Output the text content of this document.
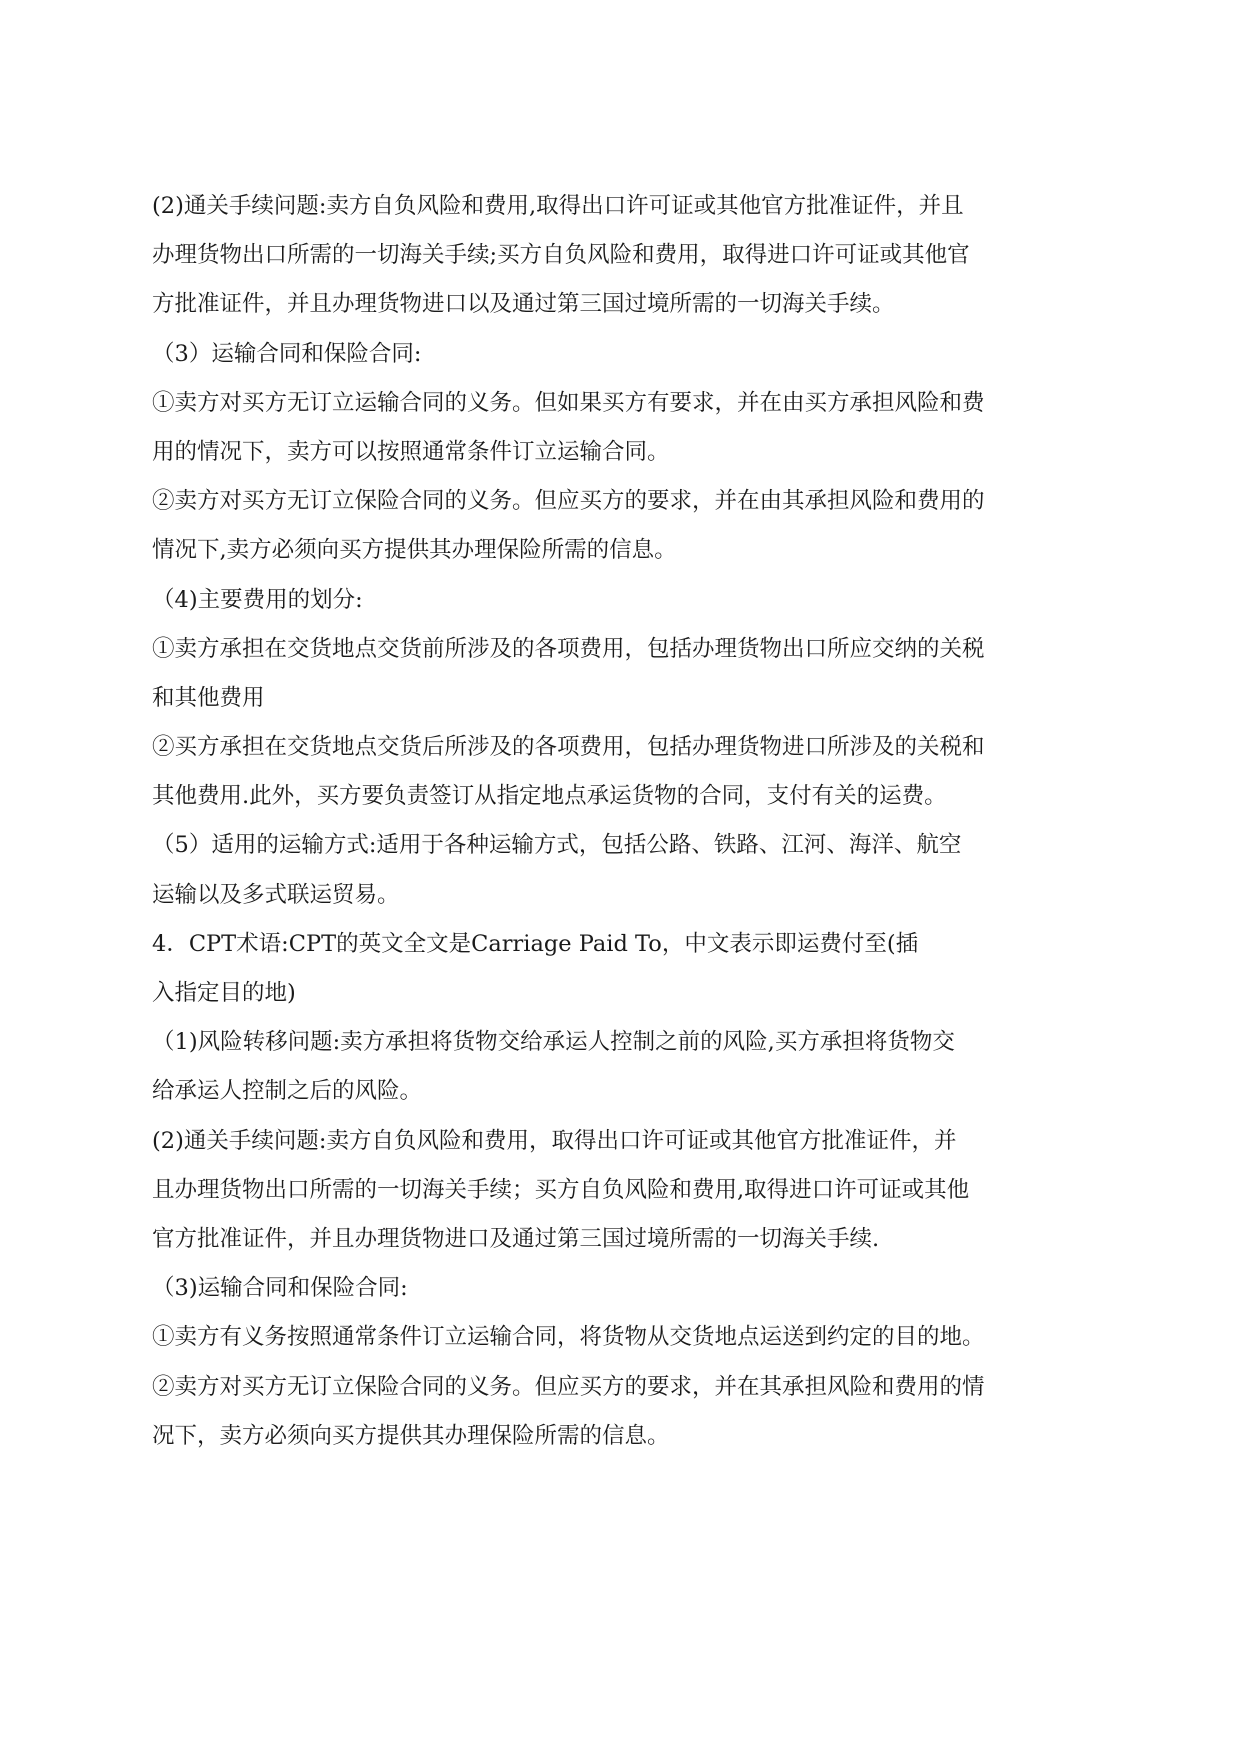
(2)通关手续问题:卖方自负风险和费用,取得出口许可证或其他官方批准证件，并且
办理货物出口所需的一切海关手续;买方自负风险和费用，取得进口许可证或其他官
方批准证件，并且办理货物进口以及通过第三国过境所需的一切海关手续。
（3）运输合同和保险合同:
①卖方对买方无订立运输合同的义务。但如果买方有要求，并在由买方承担风险和费
用的情况下，卖方可以按照通常条件订立运输合同。
②卖方对买方无订立保险合同的义务。但应买方的要求，并在由其承担风险和费用的
情况下,卖方必须向买方提供其办理保险所需的信息。
（4)主要费用的划分:
①卖方承担在交货地点交货前所涉及的各项费用，包括办理货物出口所应交纳的关税
和其他费用
②买方承担在交货地点交货后所涉及的各项费用，包括办理货物进口所涉及的关税和
其他费用.此外，买方要负责签订从指定地点承运货物的合同，支付有关的运费。
（5）适用的运输方式:适用于各种运输方式，包括公路、铁路、江河、海洋、航空
运输以及多式联运贸易。
4．CPT术语:CPT的英文全文是Carriage Paid To，中文表示即运费付至(插
入指定目的地)
（1)风险转移问题:卖方承担将货物交给承运人控制之前的风险,买方承担将货物交
给承运人控制之后的风险。
(2)通关手续问题:卖方自负风险和费用，取得出口许可证或其他官方批准证件，并
且办理货物出口所需的一切海关手续；买方自负风险和费用,取得进口许可证或其他
官方批准证件，并且办理货物进口及通过第三国过境所需的一切海关手续.
（3)运输合同和保险合同:
①卖方有义务按照通常条件订立运输合同，将货物从交货地点运送到约定的目的地。
②卖方对买方无订立保险合同的义务。但应买方的要求，并在其承担风险和费用的情
况下，卖方必须向买方提供其办理保险所需的信息。
